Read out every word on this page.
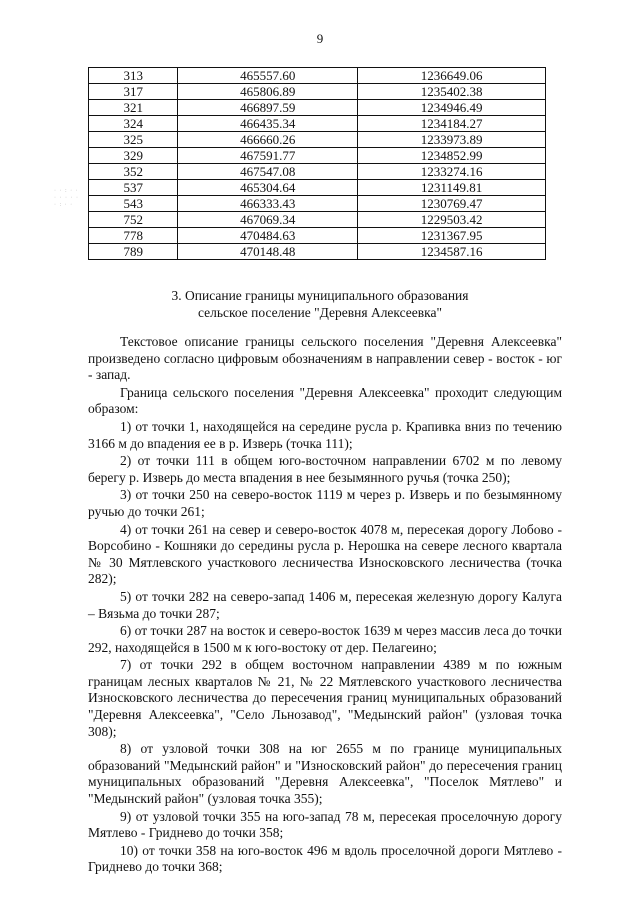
9
· · : · ·
· · · · ·
· : · ·
313	465557.60	1236649.06
317	465806.89	1235402.38
321	466897.59	1234946.49
324	466435.34	1234184.27
325	466660.26	1233973.89
329	467591.77	1234852.99
352	467547.08	1233274.16
537	465304.64	1231149.81
543	466333.43	1230769.47
752	467069.34	1229503.42
778	470484.63	1231367.95
789	470148.48	1234587.16
3. Описание границы муниципального образования
сельское поселение "Деревня Алексеевка"

Текстовое описание границы сельского поселения "Деревня Алексеевка" произведено согласно цифровым обозначениям в направлении север - восток - юг - запад.

Граница сельского поселения "Деревня Алексеевка" проходит следующим образом:

1) от точки 1, находящейся на середине русла р. Крапивка вниз по течению 3166 м до впадения ее в р. Изверь (точка 111);

2) от точки 111 в общем юго-восточном направлении 6702 м по левому берегу р. Изверь до места впадения в нее безымянного ручья (точка 250);

3) от точки 250 на северо-восток 1119 м через р. Изверь и по безымянному ручью до точки 261;

4) от точки 261 на север и северо-восток 4078 м, пересекая дорогу Лобово - Ворсобино - Кошняки до середины русла р. Нерошка на севере лесного квартала № 30 Мятлевского участкового лесничества Износковского лесничества (точка 282);

5) от точки 282 на северо-запад 1406 м, пересекая железную дорогу Калуга – Вязьма до точки 287;

6) от точки 287 на восток и северо-восток 1639 м через массив леса до точки 292, находящейся в 1500 м к юго-востоку от дер. Пелагеино;

7) от точки 292 в общем восточном направлении 4389 м по южным границам лесных кварталов № 21, № 22 Мятлевского участкового лесничества Износковского лесничества до пересечения границ муниципальных образований "Деревня Алексеевка", "Село Льнозавод", "Медынский район" (узловая точка 308);

8) от узловой точки 308 на юг 2655 м по границе муниципальных образований "Медынский район" и "Износковский район" до пересечения границ муниципальных образований "Деревня Алексеевка", "Поселок Мятлево" и "Медынский район" (узловая точка 355);

9) от узловой точки 355 на юго-запад 78 м, пересекая проселочную дорогу Мятлево - Гриднево до точки 358;

10) от точки 358 на юго-восток 496 м вдоль проселочной дороги Мятлево - Гриднево до точки 368;
